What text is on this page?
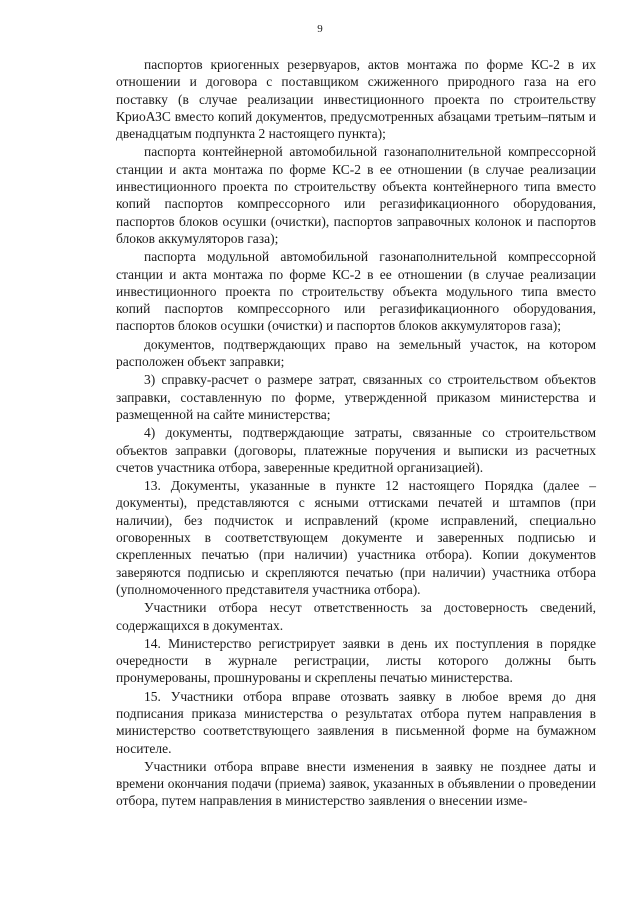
9

паспортов криогенных резервуаров, актов монтажа по форме КС-2 в их отношении и договора с поставщиком сжиженного природного газа на его поставку (в случае реализации инвестиционного проекта по строительству КриоАЗС вместо копий документов, предусмотренных абзацами третьим–пятым и двенадцатым подпункта 2 настоящего пункта);

паспорта контейнерной автомобильной газонаполнительной компрессорной станции и акта монтажа по форме КС-2 в ее отношении (в случае реализации инвестиционного проекта по строительству объекта контейнерного типа вместо копий паспортов компрессорного или регазификационного оборудования, паспортов блоков осушки (очистки), паспортов заправочных колонок и паспортов блоков аккумуляторов газа);

паспорта модульной автомобильной газонаполнительной компрессорной станции и акта монтажа по форме КС-2 в ее отношении (в случае реализации инвестиционного проекта по строительству объекта модульного типа вместо копий паспортов компрессорного или регазификационного оборудования, паспортов блоков осушки (очистки) и паспортов блоков аккумуляторов газа);

документов, подтверждающих право на земельный участок, на котором расположен объект заправки;

3) справку-расчет о размере затрат, связанных со строительством объектов заправки, составленную по форме, утвержденной приказом министерства и размещенной на сайте министерства;

4) документы, подтверждающие затраты, связанные со строительством объектов заправки (договоры, платежные поручения и выписки из расчетных счетов участника отбора, заверенные кредитной организацией).

13. Документы, указанные в пункте 12 настоящего Порядка (далее – документы), представляются с ясными оттисками печатей и штампов (при наличии), без подчисток и исправлений (кроме исправлений, специально оговоренных в соответствующем документе и заверенных подписью и скрепленных печатью (при наличии) участника отбора). Копии документов заверяются подписью и скрепляются печатью (при наличии) участника отбора (уполномоченного представителя участника отбора).

Участники отбора несут ответственность за достоверность сведений, содержащихся в документах.

14. Министерство регистрирует заявки в день их поступления в порядке очередности в журнале регистрации, листы которого должны быть пронумерованы, прошнурованы и скреплены печатью министерства.

15. Участники отбора вправе отозвать заявку в любое время до дня подписания приказа министерства о результатах отбора путем направления в министерство соответствующего заявления в письменной форме на бумажном носителе.

Участники отбора вправе внести изменения в заявку не позднее даты и времени окончания подачи (приема) заявок, указанных в объявлении о проведении отбора, путем направления в министерство заявления о внесении изме-
